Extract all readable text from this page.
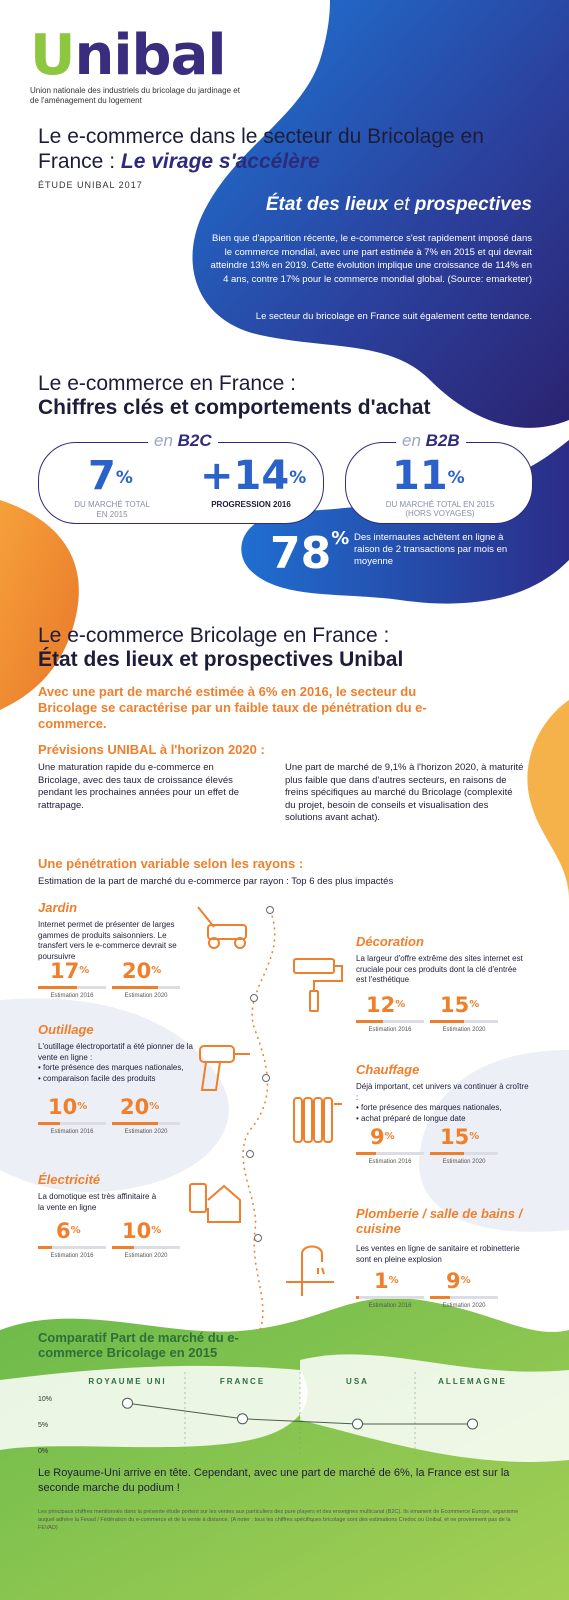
Unibal
Union nationale des industriels du bricolage du jardinage et de l'aménagement du logement
Le e-commerce dans le secteur du Bricolage en France : Le virage s'accélère
ÉTUDE UNIBAL 2017
État des lieux et prospectives
Bien que d'apparition récente, le e-commerce s'est rapidement imposé dans le commerce mondial, avec une part estimée à 7% en 2015 et qui devrait atteindre 13% en 2019. Cette évolution implique une croissance de 114% en 4 ans, contre 17% pour le commerce mondial global. (Source: emarketer)
Le secteur du bricolage en France suit également cette tendance.
Le e-commerce en France :
Chiffres clés et comportements d'achat
en B2C
7%
DU MARCHÉ TOTAL EN 2015
+14%
PROGRESSION 2016
en B2B
11%
DU MARCHÉ TOTAL EN 2015
(HORS VOYAGES)
78% Des internautes achètent en ligne à raison de 2 transactions par mois en moyenne
Le e-commerce Bricolage en France :
État des lieux et prospectives Unibal
Avec une part de marché estimée à 6% en 2016, le secteur du Bricolage se caractérise par un faible taux de pénétration du e-commerce.
Prévisions UNIBAL à l'horizon 2020 :
Une maturation rapide du e-commerce en Bricolage, avec des taux de croissance élevés pendant les prochaines années pour un effet de rattrapage.
Une part de marché de 9,1% à l'horizon 2020, à maturité plus faible que dans d'autres secteurs, en raisons de freins spécifiques au marché du Bricolage (complexité du projet, besoin de conseils et visualisation des solutions avant achat).
Une pénétration variable selon les rayons :
Estimation de la part de marché du e-commerce par rayon : Top 6 des plus impactés
Jardin
Internet permet de présenter de larges gammes de produits saisonniers. Le transfert vers le e-commerce devrait se poursuivre
17%
Estimation 2016
20%
Estimation 2020
Décoration
La largeur d'offre extrême des sites internet est cruciale pour ces produits dont la clé d'entrée est l'esthétique
12%
Estimation 2016
15%
Estimation 2020
Outillage
L'outillage électroportatif a été pionner de la vente en ligne :
• forte présence des marques nationales,
• comparaison facile des produits
10%
Estimation 2016
20%
Estimation 2020
Chauffage
Déjà important, cet univers va continuer à croître :
• forte présence des marques nationales,
• achat préparé de longue date
9%
Estimation 2016
15%
Estimation 2020
Électricité
La domotique est très affinitaire à la vente en ligne
6%
Estimation 2016
10%
Estimation 2020
Plomberie / salle de bains / cuisine
Les ventes en ligne de sanitaire et robinetterie sont en pleine explosion
1%
Estimation 2016
9%
Estimation 2020
Comparatif Part de marché du e-commerce Bricolage en 2015
10%
5%
0%
ROYAUME UNI	FRANCE	USA	ALLEMAGNE
Le Royaume-Uni arrive en tête. Cependant, avec une part de marché de 6%, la France est sur la seconde marche du podium !
Les principaux chiffres mentionnés dans la présente étude portent sur les ventes aux particuliers des pure players et des enseignes multicanal (B2C). Ils émanent de Ecommerce Europe, organisme auquel adhère la Fevad / Fédération du e-commerce et de la vente à distance. (A noter : tous les chiffres spécifiques bricolage sont des estimations Credoc ou Unibal, et ne proviennent pas de la FEVAD)
